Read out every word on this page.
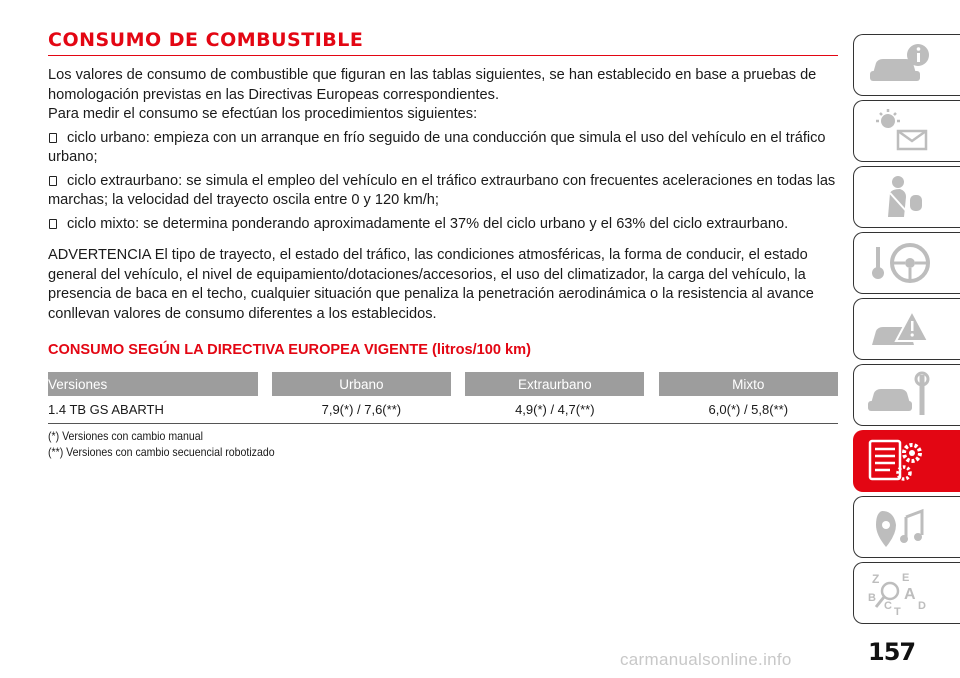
CONSUMO DE COMBUSTIBLE

Los valores de consumo de combustible que figuran en las tablas siguientes, se han establecido en base a pruebas de homologación previstas en las Directivas Europeas correspondientes.

Para medir el consumo se efectúan los procedimientos siguientes:

ciclo urbano: empieza con un arranque en frío seguido de una conducción que simula el uso del vehículo en el tráfico urbano;

ciclo extraurbano: se simula el empleo del vehículo en el tráfico extraurbano con frecuentes aceleraciones en todas las marchas; la velocidad del trayecto oscila entre 0 y 120 km/h;

ciclo mixto: se determina ponderando aproximadamente el 37% del ciclo urbano y el 63% del ciclo extraurbano.

ADVERTENCIA El tipo de trayecto, el estado del tráfico, las condiciones atmosféricas, la forma de conducir, el estado general del vehículo, el nivel de equipamiento/dotaciones/accesorios, el uso del climatizador, la carga del vehículo, la presencia de baca en el techo, cualquier situación que penaliza la penetración aerodinámica o la resistencia al avance conllevan valores de consumo diferentes a los establecidos.

CONSUMO SEGÚN LA DIRECTIVA EUROPEA VIGENTE (litros/100 km)
Versiones		Urbano		Extraurbano		Mixto
1.4 TB GS ABARTH		7,9(*) / 7,6(**)		4,9(*) / 4,7(**)		6,0(*) / 5,8(**)
(*) Versiones con cambio manual
(**) Versiones con cambio secuencial robotizado
Z E
B A
C D
T
157
carmanualsonline.info
